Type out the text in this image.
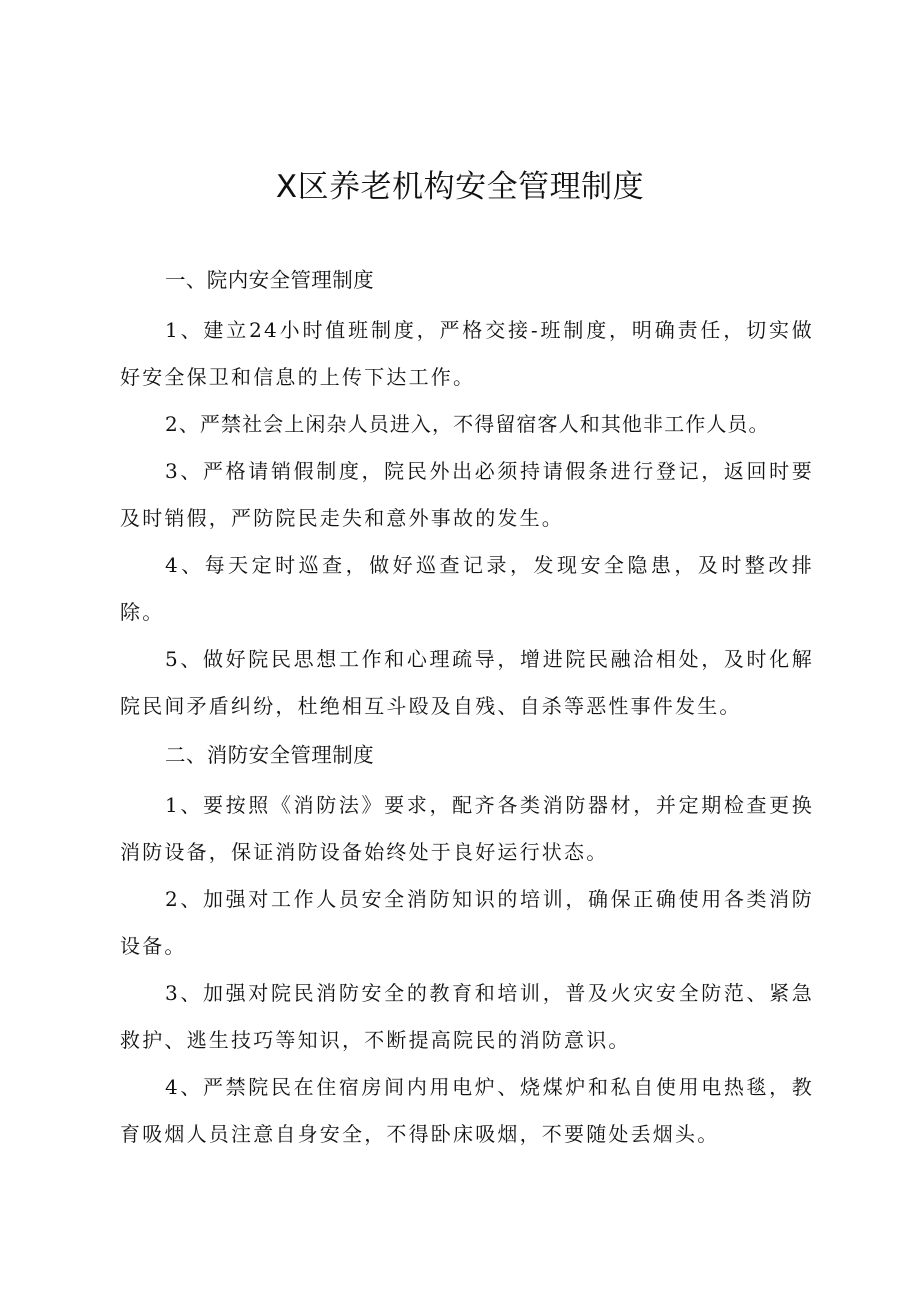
X区养老机构安全管理制度

一、院内安全管理制度

1、建立24小时值班制度，严格交接-班制度，明确责任，切实做好安全保卫和信息的上传下达工作。

2、严禁社会上闲杂人员进入，不得留宿客人和其他非工作人员。

3、严格请销假制度，院民外出必须持请假条进行登记，返回时要及时销假，严防院民走失和意外事故的发生。

4、每天定时巡查，做好巡查记录，发现安全隐患，及时整改排除。

5、做好院民思想工作和心理疏导，增进院民融洽相处，及时化解院民间矛盾纠纷，杜绝相互斗殴及自残、自杀等恶性事件发生。

二、消防安全管理制度

1、要按照《消防法》要求，配齐各类消防器材，并定期检查更换消防设备，保证消防设备始终处于良好运行状态。

2、加强对工作人员安全消防知识的培训，确保正确使用各类消防设备。

3、加强对院民消防安全的教育和培训，普及火灾安全防范、紧急救护、逃生技巧等知识，不断提高院民的消防意识。

4、严禁院民在住宿房间内用电炉、烧煤炉和私自使用电热毯，教育吸烟人员注意自身安全，不得卧床吸烟，不要随处丢烟头。
